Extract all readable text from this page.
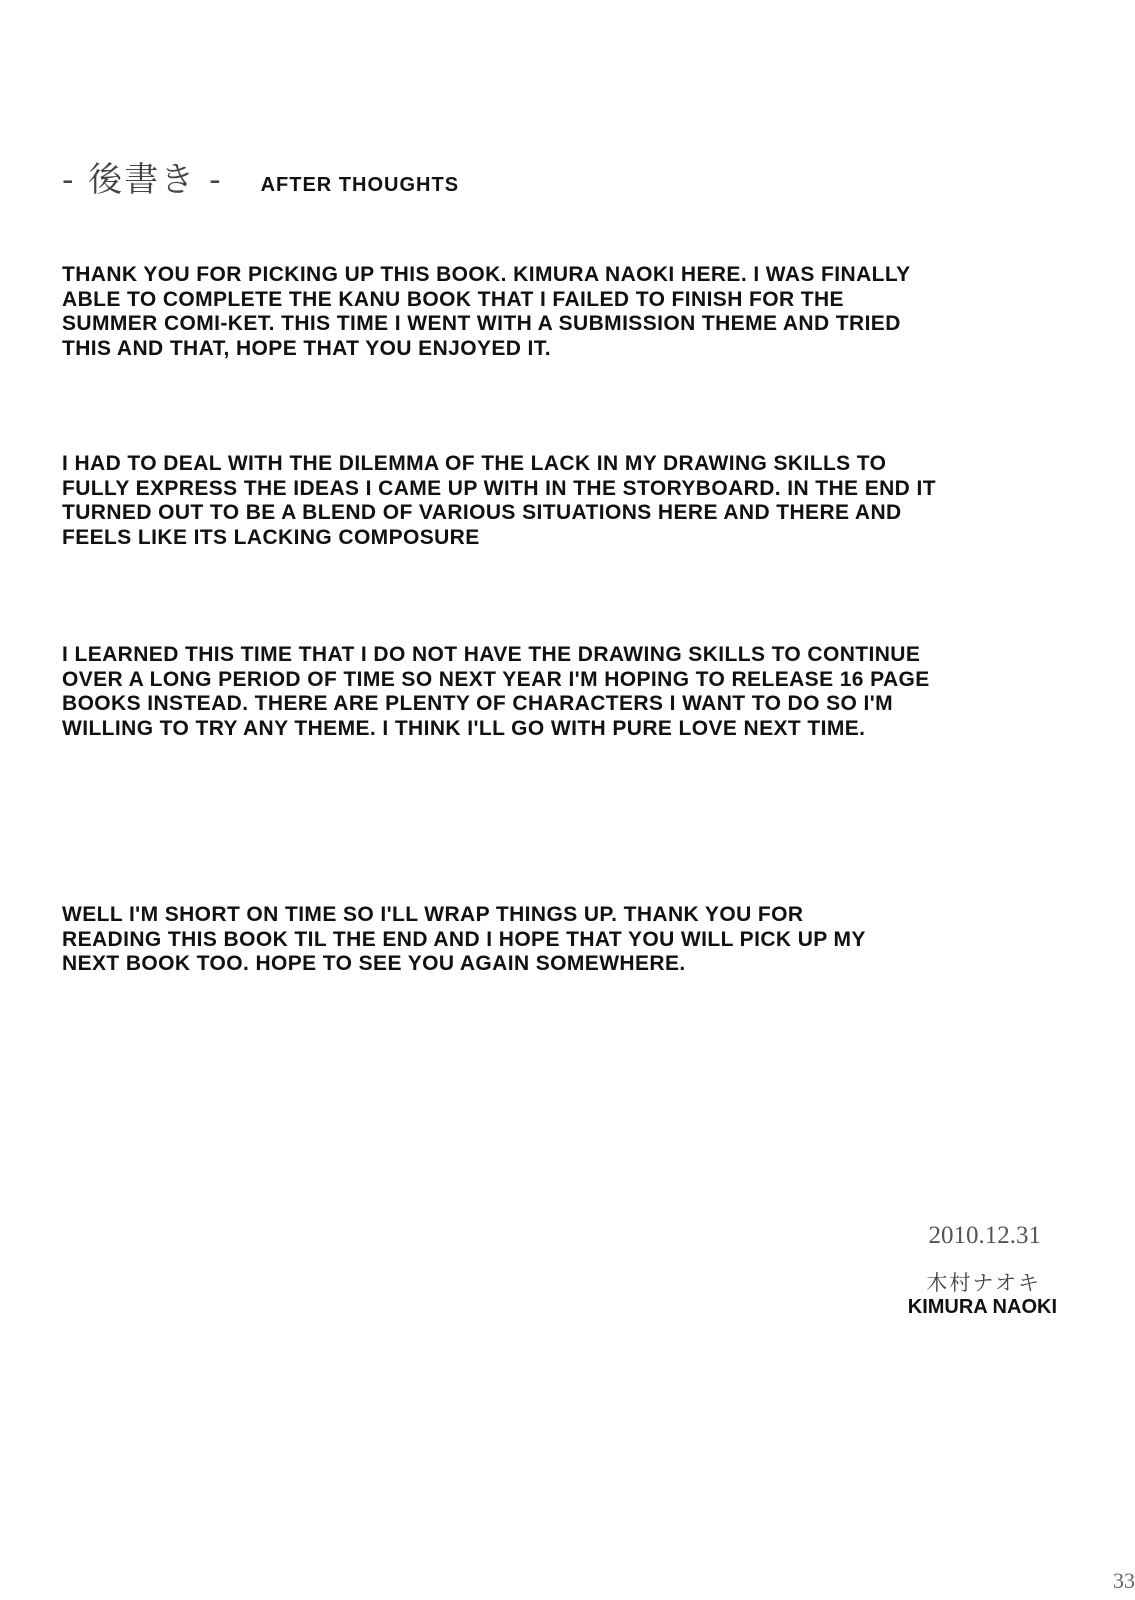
- 後書き - AFTER THOUGHTS
THANK YOU FOR PICKING UP THIS BOOK. KIMURA NAOKI HERE. I WAS FINALLY
ABLE TO COMPLETE THE KANU BOOK THAT I FAILED TO FINISH FOR THE
SUMMER COMI-KET. THIS TIME I WENT WITH A SUBMISSION THEME AND TRIED
THIS AND THAT, HOPE THAT YOU ENJOYED IT.
I HAD TO DEAL WITH THE DILEMMA OF THE LACK IN MY DRAWING SKILLS TO
FULLY EXPRESS THE IDEAS I CAME UP WITH IN THE STORYBOARD. IN THE END IT
TURNED OUT TO BE A BLEND OF VARIOUS SITUATIONS HERE AND THERE AND
FEELS LIKE ITS LACKING COMPOSURE
I LEARNED THIS TIME THAT I DO NOT HAVE THE DRAWING SKILLS TO CONTINUE
OVER A LONG PERIOD OF TIME SO NEXT YEAR I'M HOPING TO RELEASE 16 PAGE
BOOKS INSTEAD. THERE ARE PLENTY OF CHARACTERS I WANT TO DO SO I'M
WILLING TO TRY ANY THEME. I THINK I'LL GO WITH PURE LOVE NEXT TIME.
WELL I'M SHORT ON TIME SO I'LL WRAP THINGS UP. THANK YOU FOR
READING THIS BOOK TIL THE END AND I HOPE THAT YOU WILL PICK UP MY
NEXT BOOK TOO. HOPE TO SEE YOU AGAIN SOMEWHERE.
2010.12.31
木村ナオキ
KIMURA NAOKI
33
